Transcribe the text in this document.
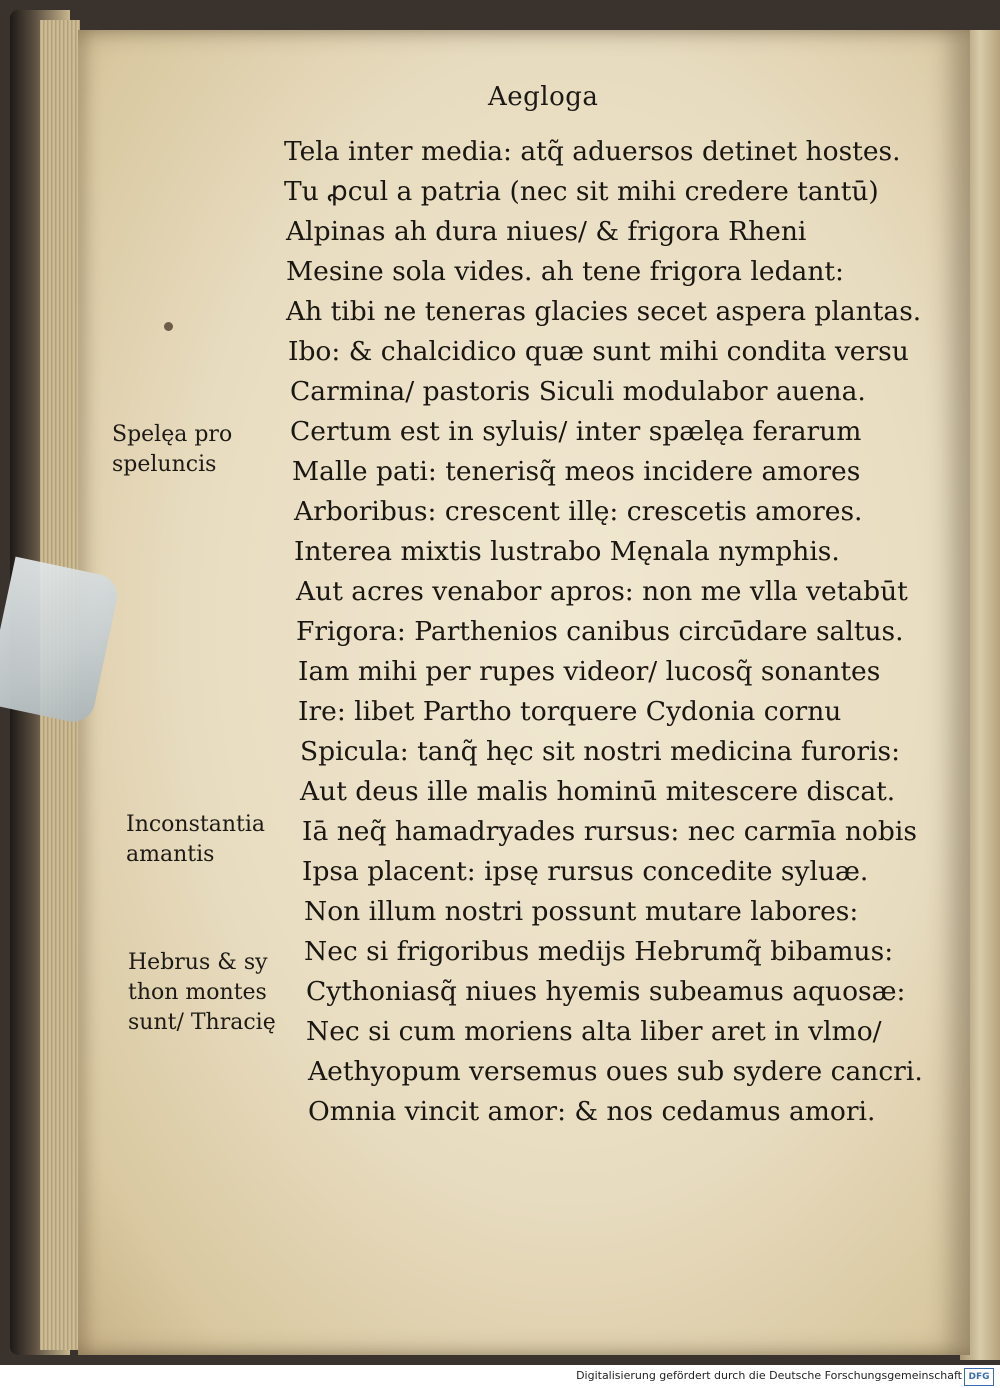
Aegloga
Tela inter media: atq̃ aduersos detinet hostes.
Tu ꝓcul a patria (nec sit mihi credere tantū)
Alpinas ah dura niues/ & frigora Rheni
Mesine sola vides. ah tene frigora ledant:
Ah tibi ne teneras glacies secet aspera plantas.
Ibo: & chalcidico quæ sunt mihi condita versu
Carmina/ pastoris Siculi modulabor auena.
Certum est in syluis/ inter spælęa ferarum
Malle pati: tenerisq̃ meos incidere amores
Arboribus: crescent illę: crescetis amores.
Interea mixtis lustrabo Męnala nymphis.
Aut acres venabor apros: non me vlla vetabūt
Frigora: Parthenios canibus circūdare saltus.
Iam mihi per rupes videor/ lucosq̃ sonantes
Ire: libet Partho torquere Cydonia cornu
Spicula: tanq̃ hęc sit nostri medicina furoris:
Aut deus ille malis hominū mitescere discat.
Iā neq̃ hamadryades rursus: nec carmīa nobis
Ipsa placent: ipsę rursus concedite syluæ.
Non illum nostri possunt mutare labores:
Nec si frigoribus medijs Hebrumq̃ bibamus:
Cythoniasq̃ niues hyemis subeamus aquosæ:
Nec si cum moriens alta liber aret in vlmo/
Aethyopum versemus oues sub sydere cancri.
Omnia vincit amor: & nos cedamus amori.
Spelęa pro
speluncis
Inconstantia
amantis
Hebrus & sy
thon montes
sunt/ Thracię
Digitalisierung gefördert durch die Deutsche Forschungsgemeinschaft DFG
